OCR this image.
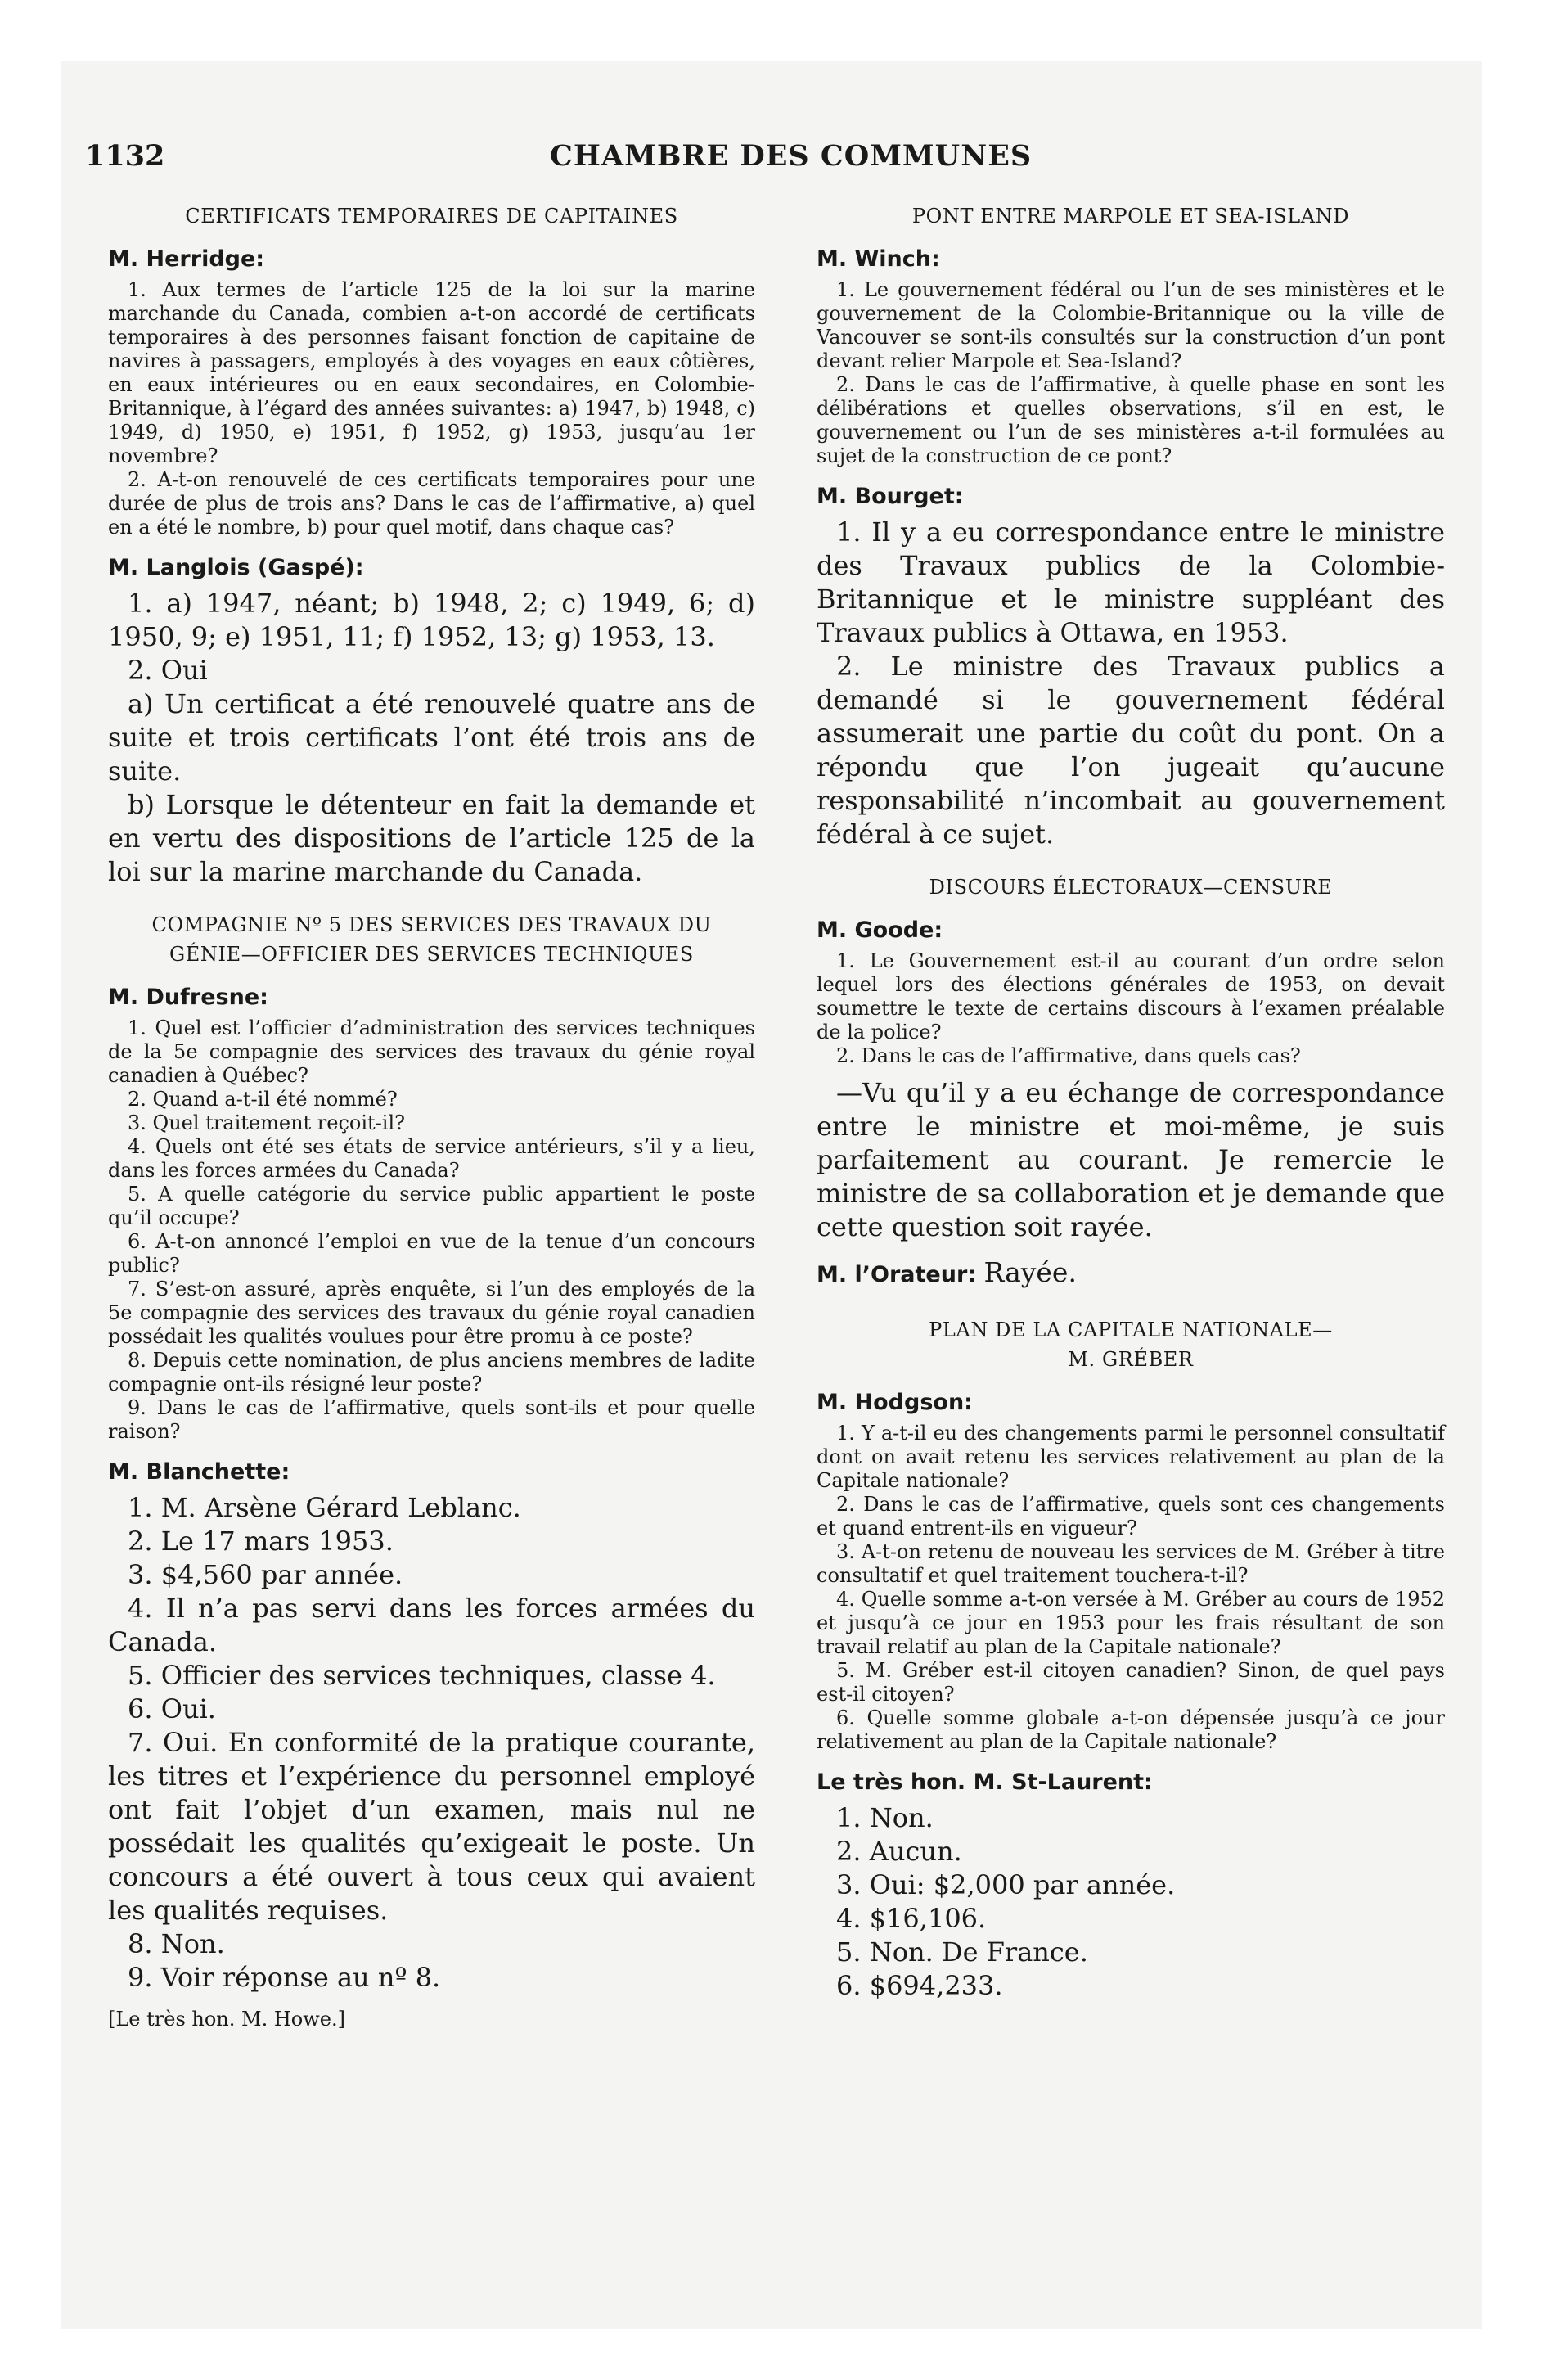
1132	CHAMBRE DES COMMUNES
CERTIFICATS TEMPORAIRES DE CAPITAINES
M. Herridge:

1. Aux termes de l’article 125 de la loi sur la marine marchande du Canada, combien a-t-on accordé de certificats temporaires à des personnes faisant fonction de capitaine de navires à passagers, employés à des voyages en eaux côtières, en eaux intérieures ou en eaux secondaires, en Colombie-Britannique, à l’égard des années suivantes: a) 1947, b) 1948, c) 1949, d) 1950, e) 1951, f) 1952, g) 1953, jusqu’au 1er novembre?

2. A-t-on renouvelé de ces certificats temporaires pour une durée de plus de trois ans? Dans le cas de l’affirmative, a) quel en a été le nombre, b) pour quel motif, dans chaque cas?

M. Langlois (Gaspé):

1. a) 1947, néant; b) 1948, 2; c) 1949, 6; d) 1950, 9; e) 1951, 11; f) 1952, 13; g) 1953, 13.

2. Oui

a) Un certificat a été renouvelé quatre ans de suite et trois certificats l’ont été trois ans de suite.

b) Lorsque le détenteur en fait la demande et en vertu des dispositions de l’article 125 de la loi sur la marine marchande du Canada.

COMPAGNIE Nº 5 DES SERVICES DES TRAVAUX DU
GÉNIE—OFFICIER DES SERVICES TECHNIQUES
M. Dufresne:

1. Quel est l’officier d’administration des services techniques de la 5e compagnie des services des travaux du génie royal canadien à Québec?

2. Quand a-t-il été nommé?

3. Quel traitement reçoit-il?

4. Quels ont été ses états de service antérieurs, s’il y a lieu, dans les forces armées du Canada?

5. A quelle catégorie du service public appartient le poste qu’il occupe?

6. A-t-on annoncé l’emploi en vue de la tenue d’un concours public?

7. S’est-on assuré, après enquête, si l’un des employés de la 5e compagnie des services des travaux du génie royal canadien possédait les qualités voulues pour être promu à ce poste?

8. Depuis cette nomination, de plus anciens membres de ladite compagnie ont-ils résigné leur poste?

9. Dans le cas de l’affirmative, quels sont-ils et pour quelle raison?

M. Blanchette:

1. M. Arsène Gérard Leblanc.

2. Le 17 mars 1953.

3. $4,560 par année.

4. Il n’a pas servi dans les forces armées du Canada.

5. Officier des services techniques, classe 4.

6. Oui.

7. Oui. En conformité de la pratique courante, les titres et l’expérience du personnel employé ont fait l’objet d’un examen, mais nul ne possédait les qualités qu’exigeait le poste. Un concours a été ouvert à tous ceux qui avaient les qualités requises.

8. Non.

9. Voir réponse au nº 8.

[Le très hon. M. Howe.]
PONT ENTRE MARPOLE ET SEA-ISLAND
M. Winch:

1. Le gouvernement fédéral ou l’un de ses ministères et le gouvernement de la Colombie-Britannique ou la ville de Vancouver se sont-ils consultés sur la construction d’un pont devant relier Marpole et Sea-Island?

2. Dans le cas de l’affirmative, à quelle phase en sont les délibérations et quelles observations, s’il en est, le gouvernement ou l’un de ses ministères a-t-il formulées au sujet de la construction de ce pont?

M. Bourget:

1. Il y a eu correspondance entre le ministre des Travaux publics de la Colombie-Britannique et le ministre suppléant des Travaux publics à Ottawa, en 1953.

2. Le ministre des Travaux publics a demandé si le gouvernement fédéral assumerait une partie du coût du pont. On a répondu que l’on jugeait qu’aucune responsabilité n’incombait au gouvernement fédéral à ce sujet.

DISCOURS ÉLECTORAUX—CENSURE
M. Goode:

1. Le Gouvernement est-il au courant d’un ordre selon lequel lors des élections générales de 1953, on devait soumettre le texte de certains discours à l’examen préalable de la police?

2. Dans le cas de l’affirmative, dans quels cas?

—Vu qu’il y a eu échange de correspondance entre le ministre et moi-même, je suis parfaitement au courant. Je remercie le ministre de sa collaboration et je demande que cette question soit rayée.

M. l’Orateur: Rayée.
PLAN DE LA CAPITALE NATIONALE—
M. GRÉBER
M. Hodgson:

1. Y a-t-il eu des changements parmi le personnel consultatif dont on avait retenu les services relativement au plan de la Capitale nationale?

2. Dans le cas de l’affirmative, quels sont ces changements et quand entrent-ils en vigueur?

3. A-t-on retenu de nouveau les services de M. Gréber à titre consultatif et quel traitement touchera-t-il?

4. Quelle somme a-t-on versée à M. Gréber au cours de 1952 et jusqu’à ce jour en 1953 pour les frais résultant de son travail relatif au plan de la Capitale nationale?

5. M. Gréber est-il citoyen canadien? Sinon, de quel pays est-il citoyen?

6. Quelle somme globale a-t-on dépensée jusqu’à ce jour relativement au plan de la Capitale nationale?

Le très hon. M. St-Laurent:

1. Non.

2. Aucun.

3. Oui: $2,000 par année.

4. $16,106.

5. Non. De France.

6. $694,233.
